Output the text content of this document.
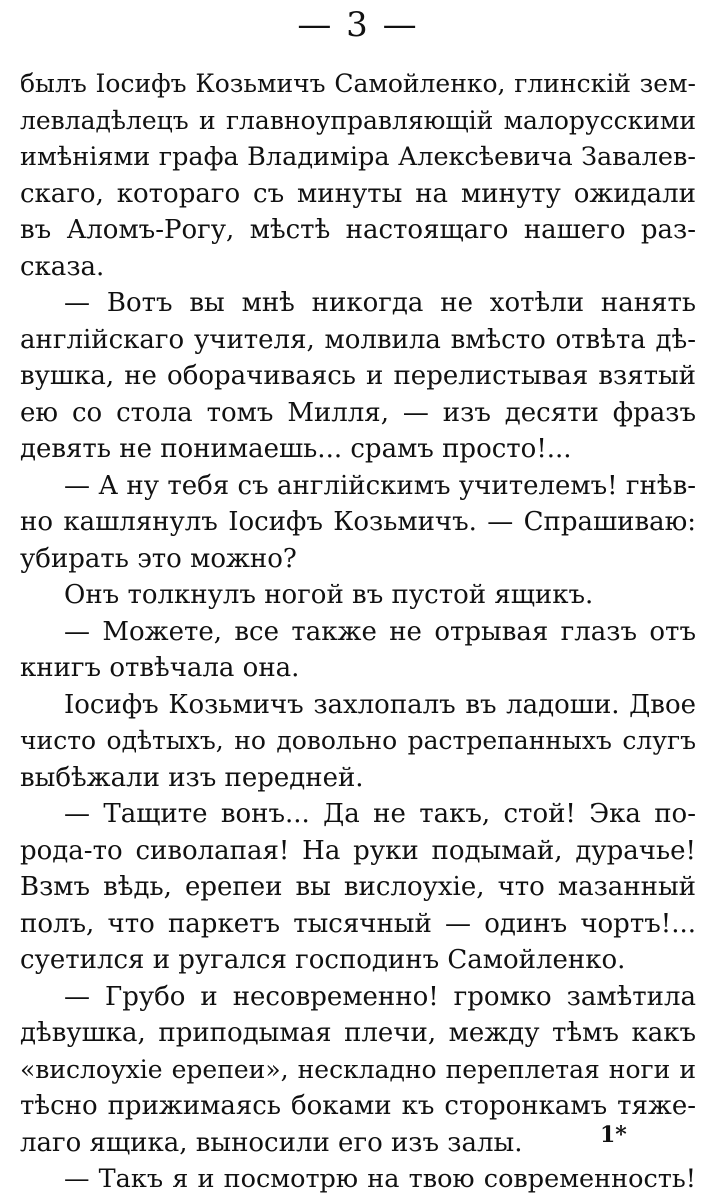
— 3 —
былъ Іосифъ Козьмичъ Самойленко, глинскій зем-
левладѣлецъ и главноуправляющій малорусскими
имѣніями графа Владиміра Алексѣевича Завалев-
скаго, котораго съ минуты на минуту ожидали
въ Аломъ-Рогу, мѣстѣ настоящаго нашего раз-
сказа.
— Вотъ вы мнѣ никогда не хотѣли нанять
англійскаго учителя, молвила вмѣсто отвѣта дѣ-
вушка, не оборачиваясь и перелистывая взятый
ею со стола томъ Милля, — изъ десяти фразъ
девять не понимаешь... срамъ просто!...
— А ну тебя съ англійскимъ учителемъ! гнѣв-
но кашлянулъ Іосифъ Козьмичъ. — Спрашиваю:
убирать это можно?
Онъ толкнулъ ногой въ пустой ящикъ.
— Можете, все также не отрывая глазъ отъ
книгъ отвѣчала она.
Іосифъ Козьмичъ захлопалъ въ ладоши. Двое
чисто одѣтыхъ, но довольно растрепанныхъ слугъ
выбѣжали изъ передней.
— Тащите вонъ... Да не такъ, стой! Эка по-
рода-то сиволапая! На руки подымай, дурачье!
Взмъ вѣдь, ерепеи вы вислоухіе, что мазанный
полъ, что паркетъ тысячный — одинъ чортъ!...
суетился и ругался господинъ Самойленко.
— Грубо и несовременно! громко замѣтила
дѣвушка, приподымая плечи, между тѣмъ какъ
«вислоухіе ерепеи», нескладно переплетая ноги и
тѣсно прижимаясь боками къ сторонкамъ тяже-
лаго ящика, выносили его изъ залы.
— Такъ я и посмотрю на твою современность!
1*
